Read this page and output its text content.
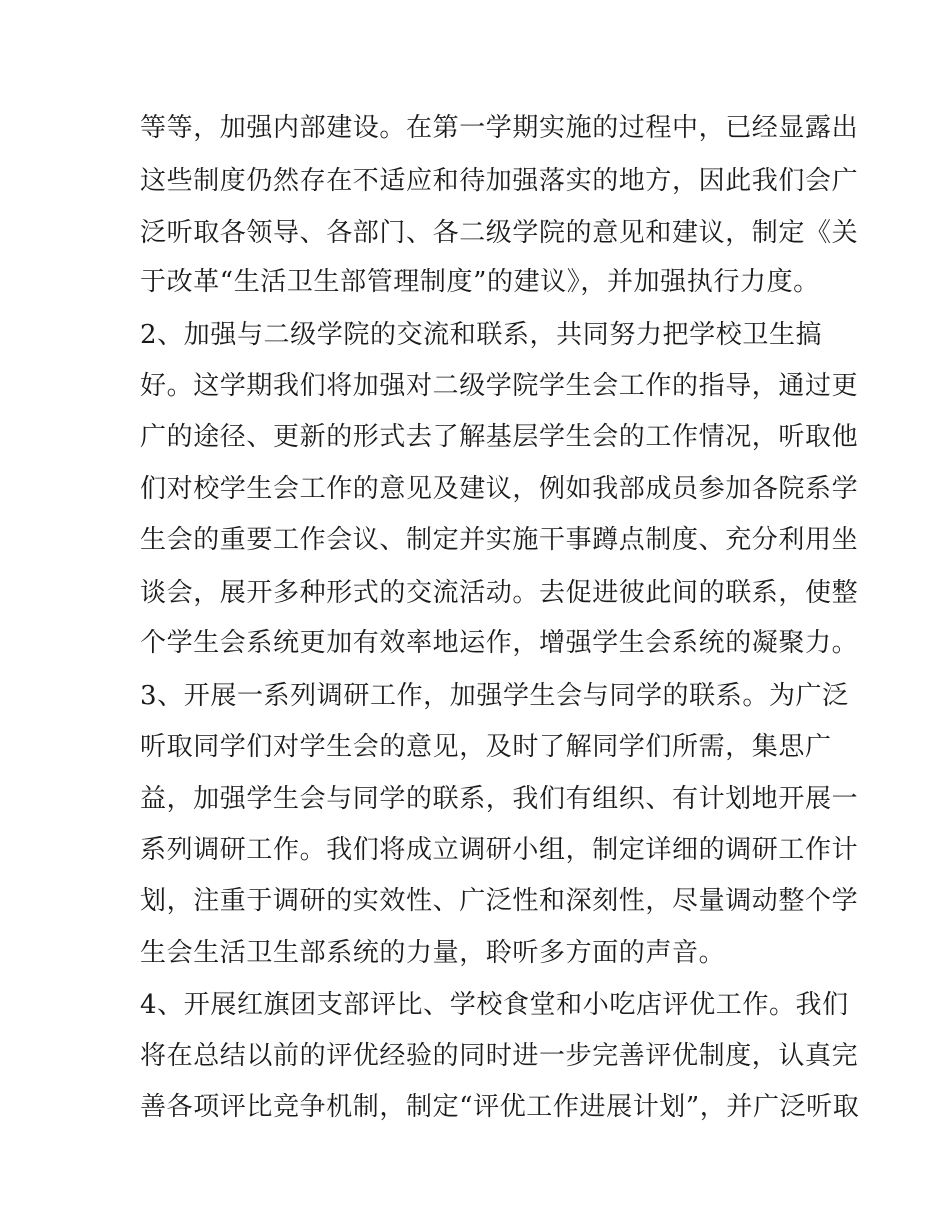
等等，加强内部建设。在第一学期实施的过程中，已经显露出
这些制度仍然存在不适应和待加强落实的地方，因此我们会广
泛听取各领导、各部门、各二级学院的意见和建议，制定《关
于改革“生活卫生部管理制度”的建议》，并加强执行力度。
2、加强与二级学院的交流和联系，共同努力把学校卫生搞
好。这学期我们将加强对二级学院学生会工作的指导，通过更
广的途径、更新的形式去了解基层学生会的工作情况，听取他
们对校学生会工作的意见及建议，例如我部成员参加各院系学
生会的重要工作会议、制定并实施干事蹲点制度、充分利用坐
谈会，展开多种形式的交流活动。去促进彼此间的联系，使整
个学生会系统更加有效率地运作，增强学生会系统的凝聚力。
3、开展一系列调研工作，加强学生会与同学的联系。为广泛
听取同学们对学生会的意见，及时了解同学们所需，集思广
益，加强学生会与同学的联系，我们有组织、有计划地开展一
系列调研工作。我们将成立调研小组，制定详细的调研工作计
划，注重于调研的实效性、广泛性和深刻性，尽量调动整个学
生会生活卫生部系统的力量，聆听多方面的声音。
4、开展红旗团支部评比、学校食堂和小吃店评优工作。我们
将在总结以前的评优经验的同时进一步完善评优制度，认真完
善各项评比竞争机制，制定“评优工作进展计划”，并广泛听取
